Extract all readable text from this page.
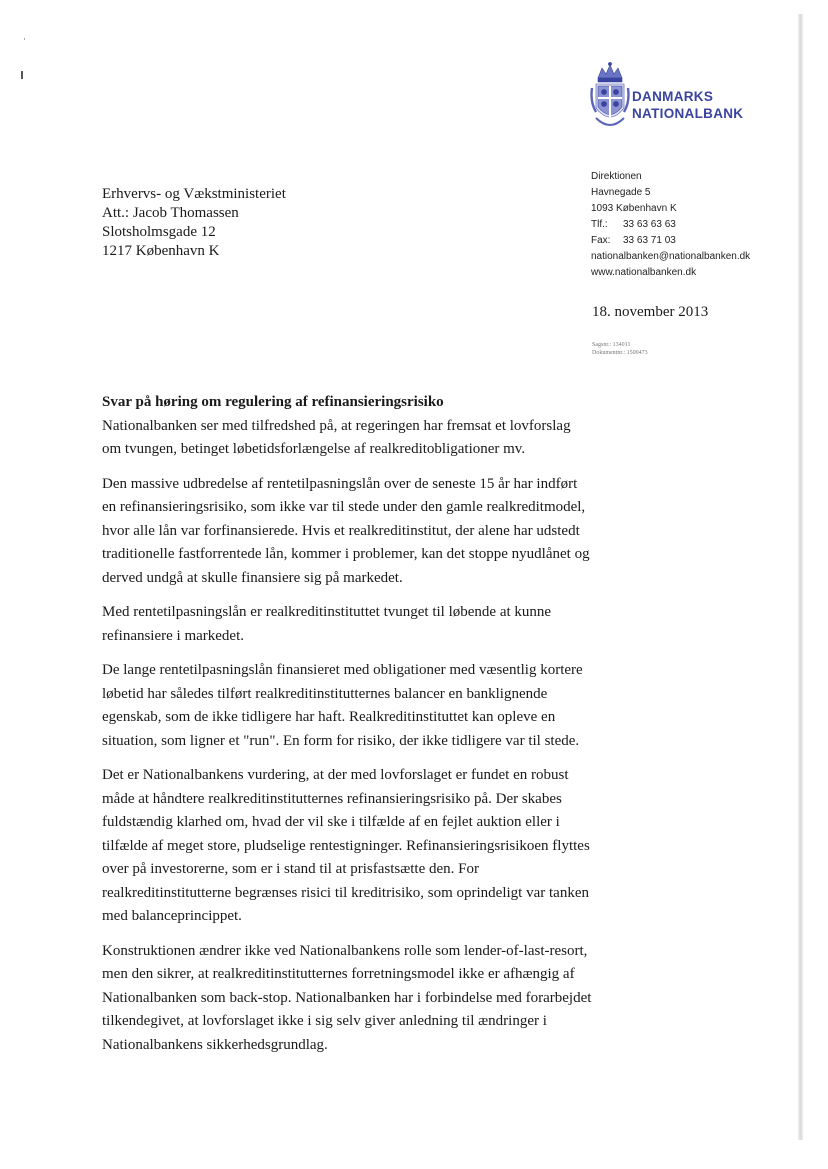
DANMARKS
NATIONALBANK
Direktionen
Havnegade 5
1093 København K
Tlf.: 33 63 63 63
Fax: 33 63 71 03
nationalbanken@nationalbanken.dk
www.nationalbanken.dk
Erhvervs- og Vækstministeriet
Att.: Jacob Thomassen
Slotsholmsgade 12
1217 København K
18. november 2013
Sagsnr.: 134011
Dokumentnr.: 1500473
Svar på høring om regulering af refinansieringsrisiko

Nationalbanken ser med tilfredshed på, at regeringen har fremsat et lovforslag om tvungen, betinget løbetidsforlængelse af realkreditobligationer mv.

Den massive udbredelse af rentetilpasningslån over de seneste 15 år har indført en refinansieringsrisiko, som ikke var til stede under den gamle realkreditmodel, hvor alle lån var forfinansierede. Hvis et realkreditinstitut, der alene har udstedt traditionelle fastforrentede lån, kommer i problemer, kan det stoppe nyudlånet og derved undgå at skulle finansiere sig på markedet.

Med rentetilpasningslån er realkreditinstituttet tvunget til løbende at kunne refinansiere i markedet.

De lange rentetilpasningslån finansieret med obligationer med væsentlig kortere løbetid har således tilført realkreditinstitutternes balancer en banklignende egenskab, som de ikke tidligere har haft. Realkreditinstituttet kan opleve en situation, som ligner et "run". En form for risiko, der ikke tidligere var til stede.

Det er Nationalbankens vurdering, at der med lovforslaget er fundet en robust måde at håndtere realkreditinstitutternes refinansieringsrisiko på. Der skabes fuldstændig klarhed om, hvad der vil ske i tilfælde af en fejlet auktion eller i tilfælde af meget store, pludselige rentestigninger. Refinansieringsrisikoen flyttes over på investorerne, som er i stand til at prisfastsætte den. For realkreditinstitutterne begrænses risici til kreditrisiko, som oprindeligt var tanken med balanceprincippet.

Konstruktionen ændrer ikke ved Nationalbankens rolle som lender-of-last-resort, men den sikrer, at realkreditinstitutternes forretningsmodel ikke er afhængig af Nationalbanken som back-stop. Nationalbanken har i forbindelse med forarbejdet tilkendegivet, at lovforslaget ikke i sig selv giver anledning til ændringer i Nationalbankens sikkerhedsgrundlag.
